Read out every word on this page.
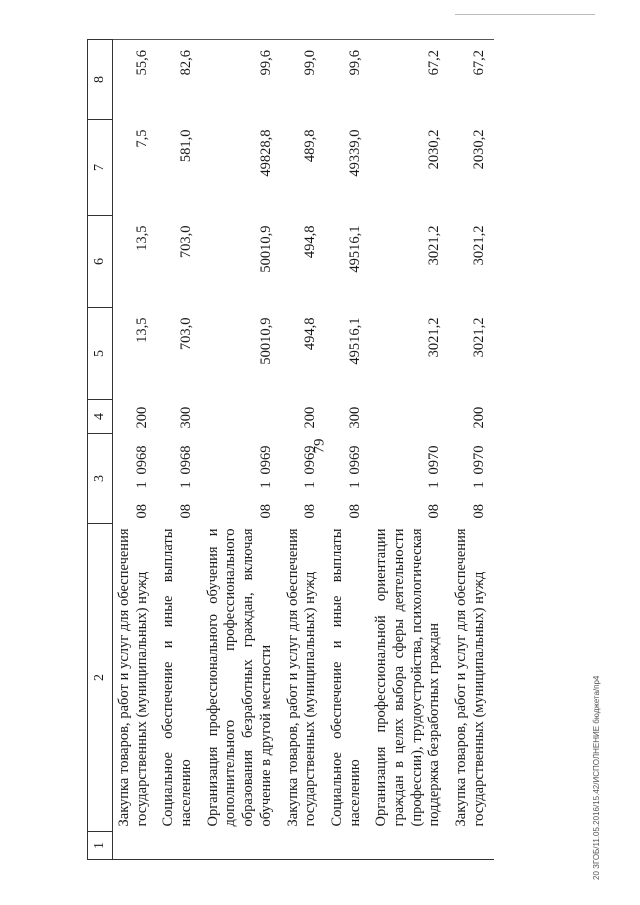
79
1	2	3			4	5	6	7	8
	Закупка товаров, работ и услуг для обеспечения государственных (муниципальных) нужд	08	1	0968	200	13,5	13,5	7,5	55,6
	Социальное обеспечение и иные выплаты населению	08	1	0968	300	703,0	703,0	581,0	82,6
	Организация профессионального обучения и дополнительного профессионального образования безработных граждан, включая обучение в другой местности	08	1	0969		50010,9	50010,9	49828,8	99,6
	Закупка товаров, работ и услуг для обеспечения государственных (муниципальных) нужд	08	1	0969	200	494,8	494,8	489,8	99,0
	Социальное обеспечение и иные выплаты населению	08	1	0969	300	49516,1	49516,1	49339,0	99,6
	Организация профессиональной ориентации граждан в целях выбора сферы деятельности (профессии), трудоустройства, психологическая поддержка безработных граждан	08	1	0970		3021,2	3021,2	2030,2	67,2
	Закупка товаров, работ и услуг для обеспечения государственных (муниципальных) нужд	08	1	0970	200	3021,2	3021,2	2030,2	67,2
20 ЗГОБ/11.05.2016/15.42/ИСПОЛНЕНИЕ бюджета/пр4
